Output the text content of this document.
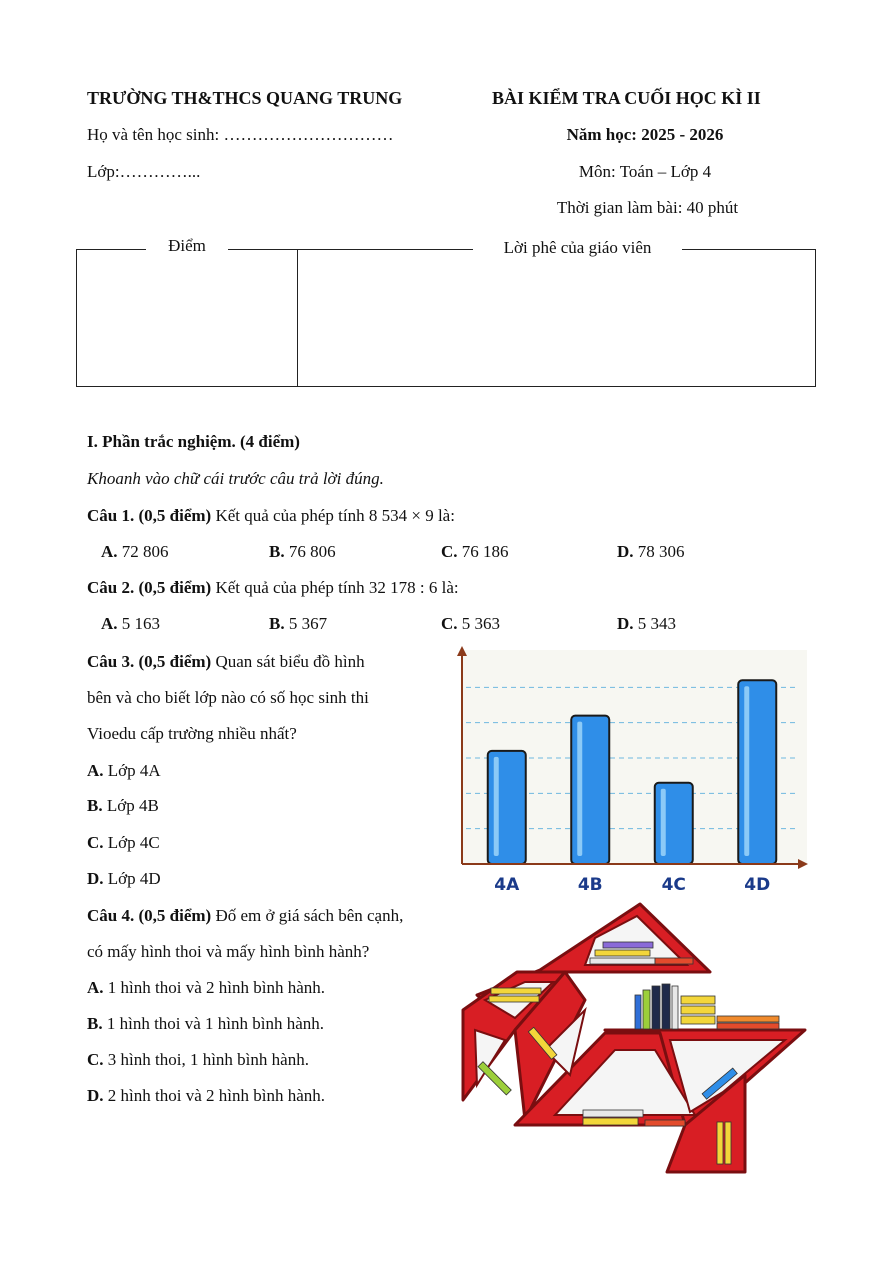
TRƯỜNG TH&THCS QUANG TRUNG	BÀI KIỂM TRA CUỐI HỌC KÌ II
Họ và tên học sinh: …………………………	Năm học: 2025 - 2026
Lớp:…………...	Môn: Toán – Lớp 4
Thời gian làm bài: 40 phút
Điểm	Lời phê của giáo viên
I. Phần trắc nghiệm. (4 điểm)
Khoanh vào chữ cái trước câu trả lời đúng.
Câu 1. (0,5 điểm) Kết quả của phép tính 8 534 × 9 là:
A. 72 806	B. 76 806	C. 76 186	D. 78 306
Câu 2. (0,5 điểm) Kết quả của phép tính 32 178 : 6 là:
A. 5 163	B. 5 367	C. 5 363	D. 5 343
Câu 3. (0,5 điểm) Quan sát biểu đồ hình
bên và cho biết lớp nào có số học sinh thi
Vioedu cấp trường nhiều nhất?
A. Lớp 4A
B. Lớp 4B
C. Lớp 4C
D. Lớp 4D	4A	4B	4C	4D
Câu 4. (0,5 điểm) Đố em ở giá sách bên cạnh,
có mấy hình thoi và mấy hình bình hành?
A. 1 hình thoi và 2 hình bình hành.
B. 1 hình thoi và 1 hình bình hành.
C. 3 hình thoi, 1 hình bình hành.
D. 2 hình thoi và 2 hình bình hành.
